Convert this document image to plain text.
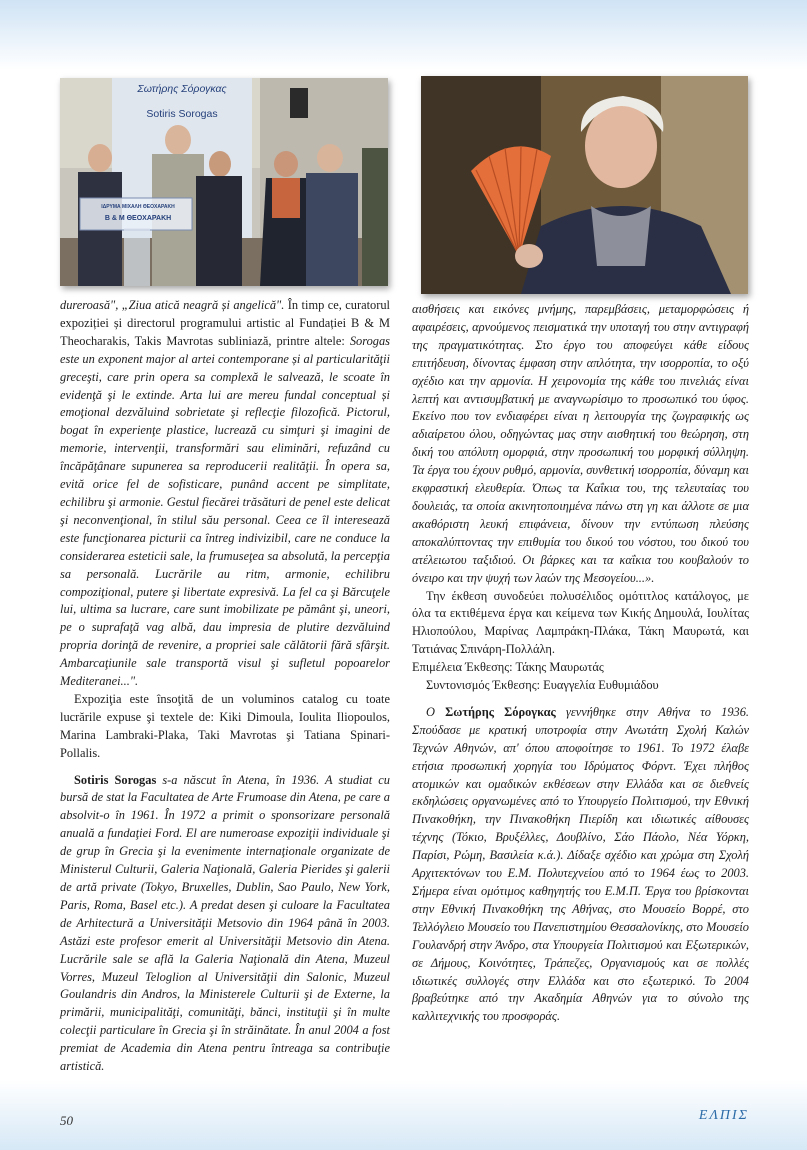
Σωτήρης Σόρογκας
Sotiris Sorogas
ΙΔΡΥΜΑ ΜΙΧΑΛΗ ΘΕΟΧΑΡΑΚΗ
B & M ΘΕΟΧΑΡΑΚΗ

dureroasă", „Ziua atică neagră și angelică". În timp ce, curatorul expoziției și directorul programului artistic al Fundației B & M Theocharakis, Takis Mavrotas subliniază, printre altele: Sorogas este un exponent major al artei contemporane și al particularităţii greceşti, care prin opera sa complexă le salvează, le scoate în evidenţă şi le extinde. Arta lui are mereu fundal conceptual și emoţional dezvăluind sobrietate şi reflecţie filozofică. Pictorul, bogat în experienţe plastice, lucrează cu simţuri şi imagini de memorie, intervenţii, transformări sau eliminări, refuzând cu încăpăţânare supunerea sa reproducerii realităţii. În opera sa, evită orice fel de sofisticare, punând accent pe simplitate, echilibru şi armonie. Gestul fiecărei trăsături de penel este delicat şi neconvenţional, în stilul său personal. Ceea ce îl interesează este funcţionarea picturii ca întreg indivizibil, care ne conduce la considerarea esteticii sale, la frumuseţea sa absolută, la percepţia sa personală. Lucrările au ritm, armonie, echilibru compoziţional, putere şi libertate expresivă. La fel ca şi Bărcuţele lui, ultima sa lucrare, care sunt imobilizate pe pământ şi, uneori, pe o suprafaţă vag albă, dau impresia de plutire dezvăluind propria dorinţă de revenire, a propriei sale călătorii fără sfârşit. Ambarcaţiunile sale transportă visul şi sufletul popoarelor Mediteranei...".

Expoziţia este însoţită de un voluminos catalog cu toate lucrările expuse şi textele de: Kiki Dimoula, Ioulita Iliopoulos, Marina Lambraki-Plaka, Taki Mavrotas şi Tatiana Spinari-Pollalis.

Sotiris Sorogas s-a născut în Atena, în 1936. A studiat cu bursă de stat la Facultatea de Arte Frumoase din Atena, pe care a absolvit-o în 1961. În 1972 a primit o sponsorizare personală anuală a fundaţiei Ford. El are numeroase expoziţii individuale şi de grup în Grecia şi la evenimente internaţionale organizate de Ministerul Culturii, Galeria Naţională, Galeria Pierides şi galerii de artă private (Tokyo, Bruxelles, Dublin, Sao Paulo, New York, Paris, Roma, Basel etc.). A predat desen şi culoare la Facultatea de Arhitectură a Universităţii Metsovio din 1964 până în 2003. Astăzi este profesor emerit al Universităţii Metsovio din Atena. Lucrările sale se află la Galeria Naţională din Atena, Muzeul Vorres, Muzeul Teloglion al Universităţii din Salonic, Muzeul Goulandris din Andros, la Ministerele Culturii şi de Externe, la primării, municipalităţi, comunităţi, bănci, instituţii şi în multe colecţii particulare în Grecia şi în străinătate. În anul 2004 a fost premiat de Academia din Atena pentru întreaga sa contribuţie artistică.

αισθήσεις και εικόνες μνήμης, παρεμβάσεις, μεταμορφώσεις ή αφαιρέσεις, αρνούμενος πεισματικά την υποταγή του στην αντιγραφή της πραγματικότητας. Στο έργο του αποφεύγει κάθε είδους επιτήδευση, δίνοντας έμφαση στην απλότητα, την ισορροπία, το οξύ σχέδιο και την αρμονία. Η χειρονομία της κάθε του πινελιάς είναι λεπτή και αντισυμβατική με αναγνωρίσιμο το προσωπικό του ύφος. Εκείνο που τον ενδιαφέρει είναι η λειτουργία της ζωγραφικής ως αδιαίρετου όλου, οδηγώντας μας στην αισθητική του θεώρηση, στη δική του απόλυτη ομορφιά, στην προσωπική του μορφική σύλληψη. Τα έργα του έχουν ρυθμό, αρμονία, συνθετική ισορροπία, δύναμη και εκφραστική ελευθερία. Όπως τα Καΐκια του, της τελευταίας του δουλειάς, τα οποία ακινητοποιημένα πάνω στη γη και άλλοτε σε μια ακαθόριστη λευκή επιφάνεια, δίνουν την εντύπωση πλεύσης αποκαλύπτοντας την επιθυμία του δικού του νόστου, του δικού του ατέλειωτου ταξιδιού. Οι βάρκες και τα καΐκια του κουβαλούν το όνειρο και την ψυχή των λαών της Μεσογείου...».

Την έκθεση συνοδεύει πολυσέλιδος ομότιτλος κατάλογος, με όλα τα εκτιθέμενα έργα και κείμενα των Κικής Δημουλά, Ιουλίτας Ηλιοπούλου, Μαρίνας Λαμπράκη-Πλάκα, Τάκη Μαυρωτά, και Τατιάνας Σπινάρη-Πολλάλη.

Επιμέλεια Έκθεσης: Τάκης Μαυρωτάς

Συντονισμός Έκθεσης: Ευαγγελία Ευθυμιάδου

Ο Σωτήρης Σόρογκας γεννήθηκε στην Αθήνα το 1936. Σπούδασε με κρατική υποτροφία στην Ανωτάτη Σχολή Καλών Τεχνών Αθηνών, απ' όπου αποφοίτησε το 1961. Το 1972 έλαβε ετήσια προσωπική χορηγία του Ιδρύματος Φόρντ. Έχει πλήθος ατομικών και ομαδικών εκθέσεων στην Ελλάδα και σε διεθνείς εκδηλώσεις οργανωμένες από το Υπουργείο Πολιτισμού, την Εθνική Πινακοθήκη, την Πινακοθήκη Πιερίδη και ιδιωτικές αίθουσες τέχνης (Τόκιο, Βρυξέλλες, Δουβλίνο, Σάο Πάολο, Νέα Υόρκη, Παρίσι, Ρώμη, Βασιλεία κ.ά.). Δίδαξε σχέδιο και χρώμα στη Σχολή Αρχιτεκτόνων του Ε.Μ. Πολυτεχνείου από το 1964 έως το 2003. Σήμερα είναι ομότιμος καθηγητής του Ε.Μ.Π. Έργα του βρίσκονται στην Εθνική Πινακοθήκη της Αθήνας, στο Μουσείο Βορρέ, στο Τελλόγλειο Μουσείο του Πανεπιστημίου Θεσσαλονίκης, στο Μουσείο Γουλανδρή στην Άνδρο, στα Υπουργεία Πολιτισμού και Εξωτερικών, σε Δήμους, Κοινότητες, Τράπεζες, Οργανισμούς και σε πολλές ιδιωτικές συλλογές στην Ελλάδα και στο εξωτερικό. Το 2004 βραβεύτηκε από την Ακαδημία Αθηνών για το σύνολο της καλλιτεχνικής του προσφοράς.

50	ΕΛΠΙΣ
